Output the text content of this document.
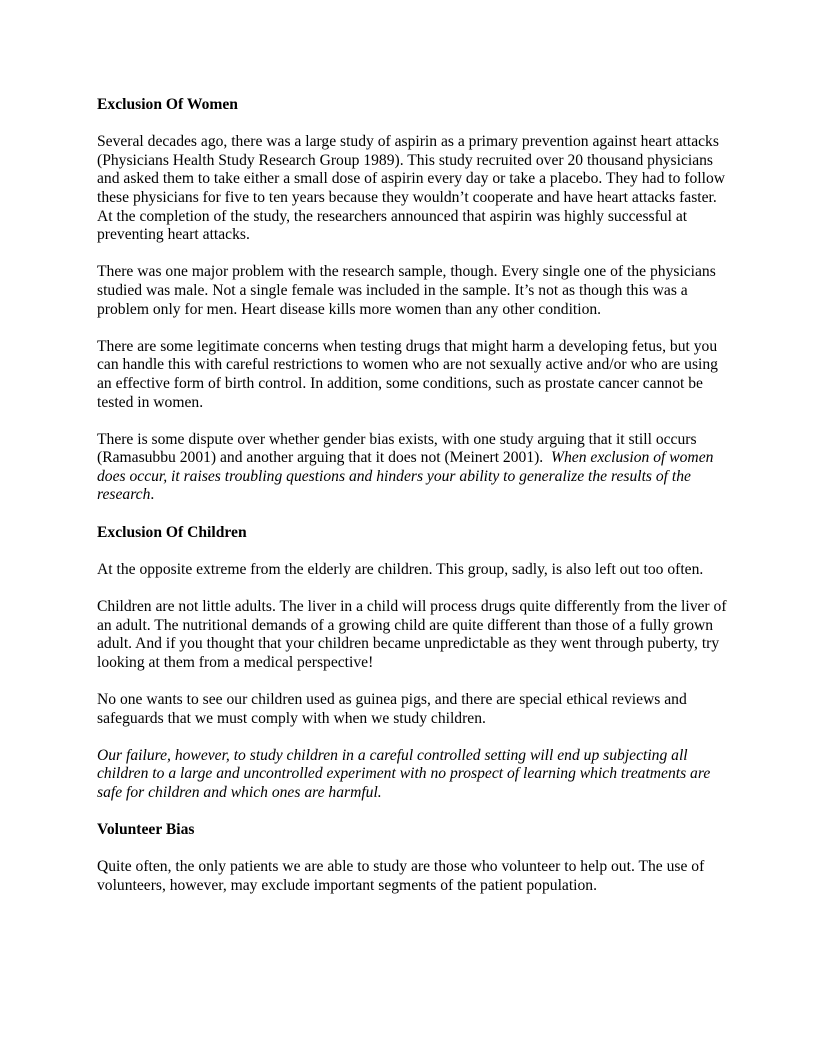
Exclusion Of Women

Several decades ago, there was a large study of aspirin as a primary prevention against heart attacks (Physicians Health Study Research Group 1989). This study recruited over 20 thousand physicians and asked them to take either a small dose of aspirin every day or take a placebo. They had to follow these physicians for five to ten years because they wouldn’t cooperate and have heart attacks faster. At the completion of the study, the researchers announced that aspirin was highly successful at preventing heart attacks.

There was one major problem with the research sample, though. Every single one of the physicians studied was male. Not a single female was included in the sample. It’s not as though this was a problem only for men. Heart disease kills more women than any other condition.

There are some legitimate concerns when testing drugs that might harm a developing fetus, but you can handle this with careful restrictions to women who are not sexually active and/or who are using an effective form of birth control. In addition, some conditions, such as prostate cancer cannot be tested in women.

There is some dispute over whether gender bias exists, with one study arguing that it still occurs (Ramasubbu 2001) and another arguing that it does not (Meinert 2001).  When exclusion of women does occur, it raises troubling questions and hinders your ability to generalize the results of the research.

Exclusion Of Children

At the opposite extreme from the elderly are children. This group, sadly, is also left out too often.

Children are not little adults. The liver in a child will process drugs quite differently from the liver of an adult. The nutritional demands of a growing child are quite different than those of a fully grown adult. And if you thought that your children became unpredictable as they went through puberty, try looking at them from a medical perspective!

No one wants to see our children used as guinea pigs, and there are special ethical reviews and safeguards that we must comply with when we study children.

Our failure, however, to study children in a careful controlled setting will end up subjecting all children to a large and uncontrolled experiment with no prospect of learning which treatments are safe for children and which ones are harmful.

Volunteer Bias

Quite often, the only patients we are able to study are those who volunteer to help out. The use of volunteers, however, may exclude important segments of the patient population.
